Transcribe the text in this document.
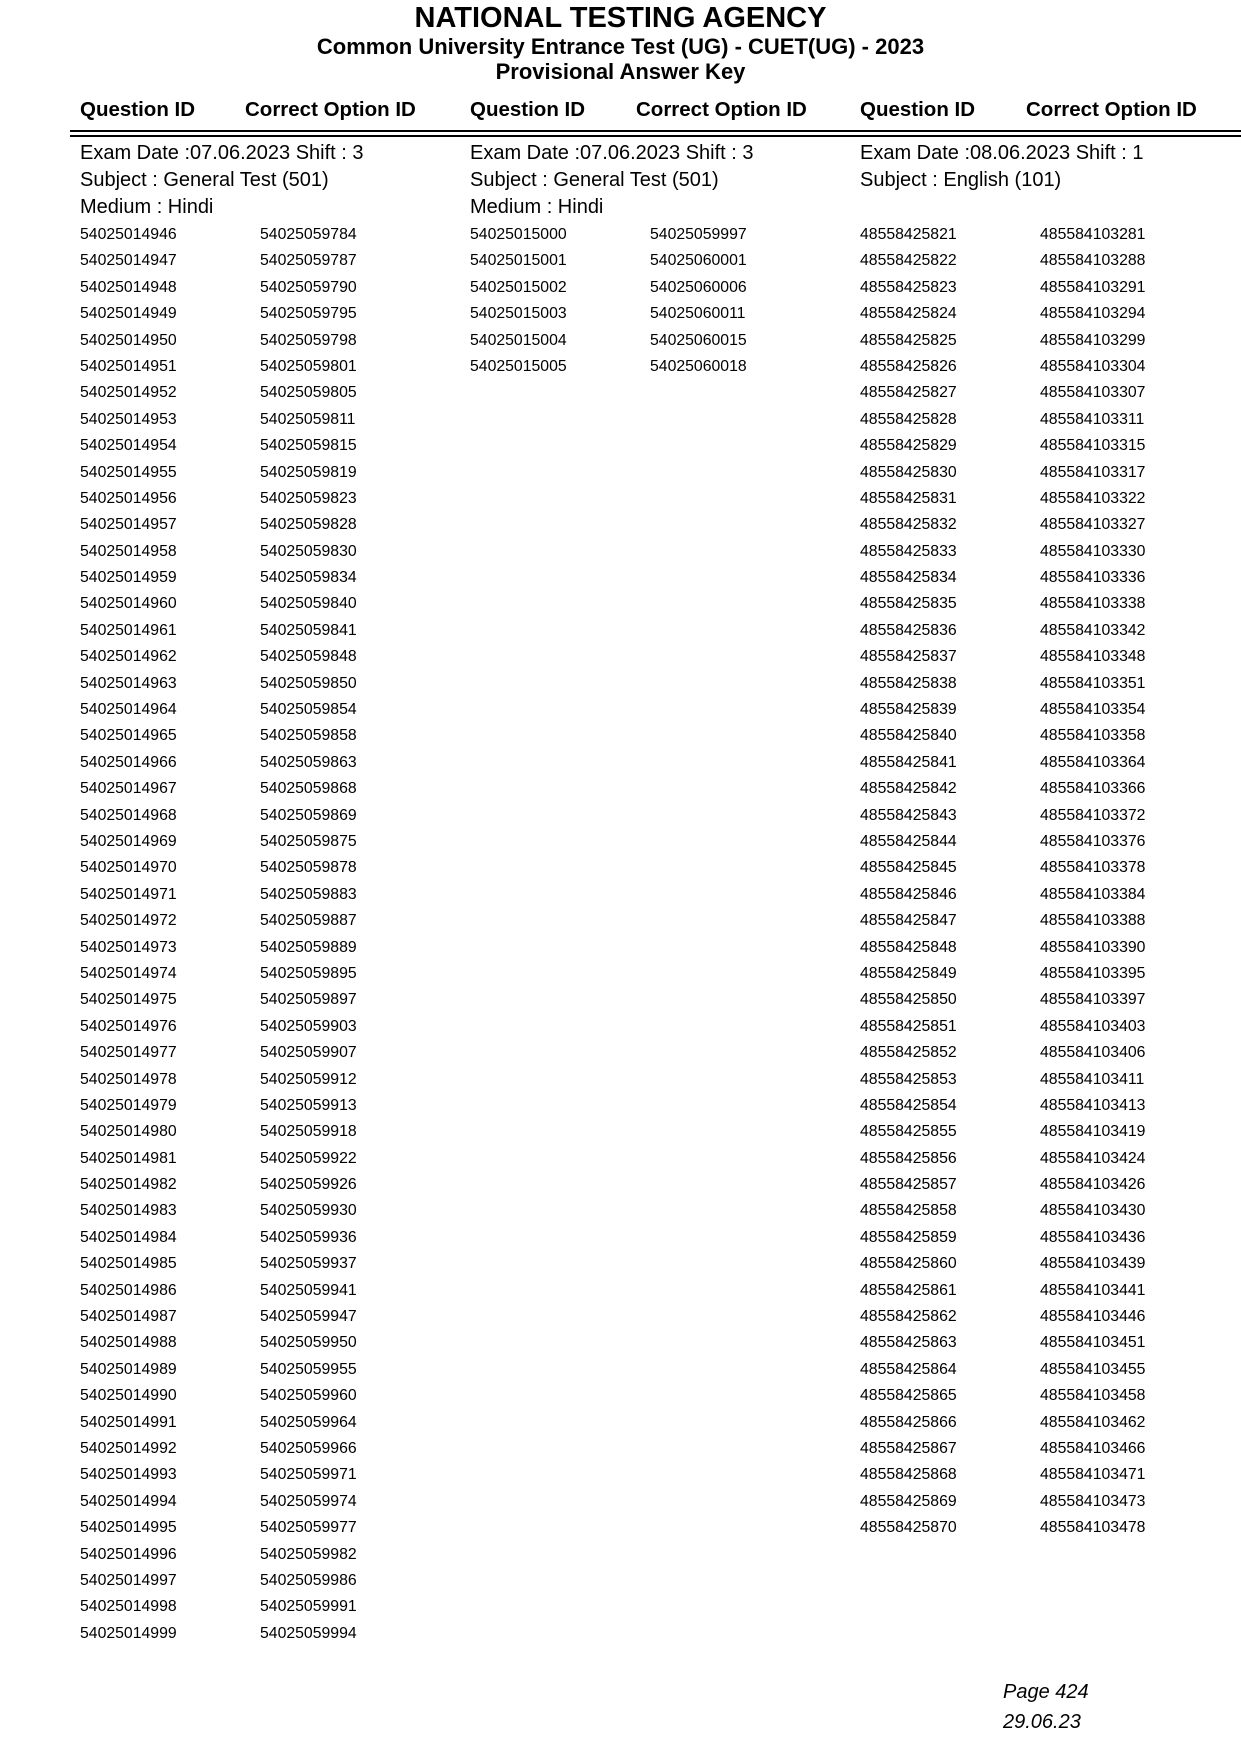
NATIONAL TESTING AGENCY
Common University Entrance Test (UG) - CUET(UG) - 2023
Provisional Answer Key
Question ID Correct Option ID	Question ID Correct Option ID	Question ID Correct Option ID
Exam Date :07.06.2023 Shift : 3
Subject : General Test (501)
Medium : Hindi
54025014946	54025059784
54025014947	54025059787
54025014948	54025059790
54025014949	54025059795
54025014950	54025059798
54025014951	54025059801
54025014952	54025059805
54025014953	54025059811
54025014954	54025059815
54025014955	54025059819
54025014956	54025059823
54025014957	54025059828
54025014958	54025059830
54025014959	54025059834
54025014960	54025059840
54025014961	54025059841
54025014962	54025059848
54025014963	54025059850
54025014964	54025059854
54025014965	54025059858
54025014966	54025059863
54025014967	54025059868
54025014968	54025059869
54025014969	54025059875
54025014970	54025059878
54025014971	54025059883
54025014972	54025059887
54025014973	54025059889
54025014974	54025059895
54025014975	54025059897
54025014976	54025059903
54025014977	54025059907
54025014978	54025059912
54025014979	54025059913
54025014980	54025059918
54025014981	54025059922
54025014982	54025059926
54025014983	54025059930
54025014984	54025059936
54025014985	54025059937
54025014986	54025059941
54025014987	54025059947
54025014988	54025059950
54025014989	54025059955
54025014990	54025059960
54025014991	54025059964
54025014992	54025059966
54025014993	54025059971
54025014994	54025059974
54025014995	54025059977
54025014996	54025059982
54025014997	54025059986
54025014998	54025059991
54025014999	54025059994
Exam Date :07.06.2023 Shift : 3
Subject : General Test (501)
Medium : Hindi
54025015000	54025059997
54025015001	54025060001
54025015002	54025060006
54025015003	54025060011
54025015004	54025060015
54025015005	54025060018
Exam Date :08.06.2023 Shift : 1
Subject : English (101)
48558425821	485584103281
48558425822	485584103288
48558425823	485584103291
48558425824	485584103294
48558425825	485584103299
48558425826	485584103304
48558425827	485584103307
48558425828	485584103311
48558425829	485584103315
48558425830	485584103317
48558425831	485584103322
48558425832	485584103327
48558425833	485584103330
48558425834	485584103336
48558425835	485584103338
48558425836	485584103342
48558425837	485584103348
48558425838	485584103351
48558425839	485584103354
48558425840	485584103358
48558425841	485584103364
48558425842	485584103366
48558425843	485584103372
48558425844	485584103376
48558425845	485584103378
48558425846	485584103384
48558425847	485584103388
48558425848	485584103390
48558425849	485584103395
48558425850	485584103397
48558425851	485584103403
48558425852	485584103406
48558425853	485584103411
48558425854	485584103413
48558425855	485584103419
48558425856	485584103424
48558425857	485584103426
48558425858	485584103430
48558425859	485584103436
48558425860	485584103439
48558425861	485584103441
48558425862	485584103446
48558425863	485584103451
48558425864	485584103455
48558425865	485584103458
48558425866	485584103462
48558425867	485584103466
48558425868	485584103471
48558425869	485584103473
48558425870	485584103478
Page 424
29.06.23
